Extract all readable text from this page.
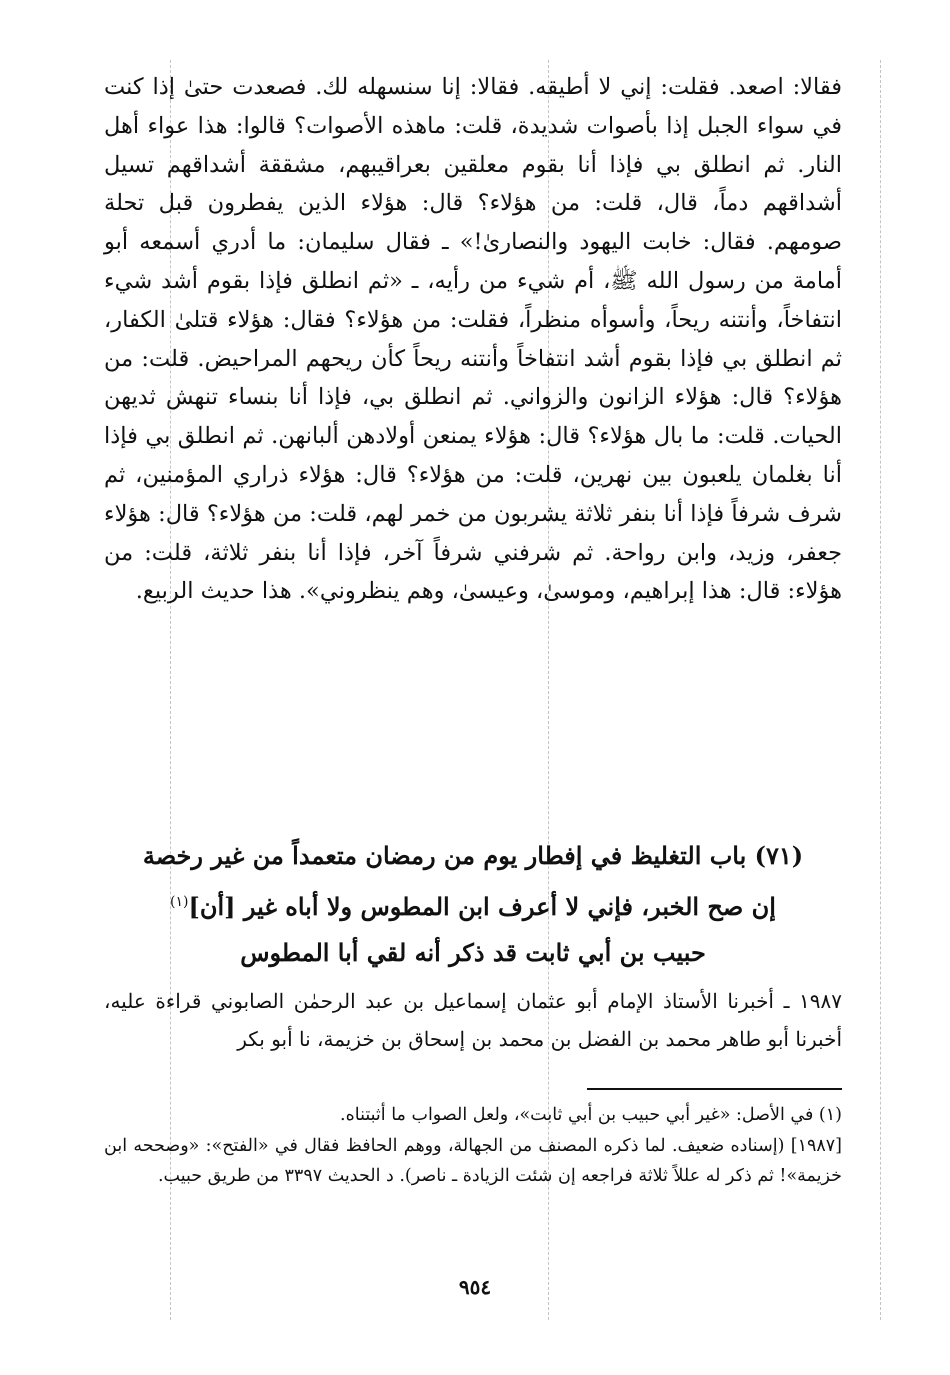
فقالا: اصعد. فقلت: إني لا أطيقه. فقالا: إنا سنسهله لك. فصعدت حتىٰ إذا كنت في سواء الجبل إذا بأصوات شديدة، قلت: ماهذه الأصوات؟ قالوا: هذا عواء أهل النار. ثم انطلق بي فإذا أنا بقوم معلقين بعراقيبهم، مشققة أشداقهم تسيل أشداقهم دماً، قال، قلت: من هؤلاء؟ قال: هؤلاء الذين يفطرون قبل تحلة صومهم. فقال: خابت اليهود والنصارىٰ!» ـ فقال سليمان: ما أدري أسمعه أبو أمامة من رسول الله ﷺ، أم شيء من رأيه، ـ «ثم انطلق فإذا بقوم أشد شيء انتفاخاً، وأنتنه ريحاً، وأسوأه منظراً، فقلت: من هؤلاء؟ فقال: هؤلاء قتلىٰ الكفار، ثم انطلق بي فإذا بقوم أشد انتفاخاً وأنتنه ريحاً كأن ريحهم المراحيض. قلت: من هؤلاء؟ قال: هؤلاء الزانون والزواني. ثم انطلق بي، فإذا أنا بنساء تنهش ثديهن الحيات. قلت: ما بال هؤلاء؟ قال: هؤلاء يمنعن أولادهن ألبانهن. ثم انطلق بي فإذا أنا بغلمان يلعبون بين نهرين، قلت: من هؤلاء؟ قال: هؤلاء ذراري المؤمنين، ثم شرف شرفاً فإذا أنا بنفر ثلاثة يشربون من خمر لهم، قلت: من هؤلاء؟ قال: هؤلاء جعفر، وزيد، وابن رواحة. ثم شرفني شرفاً آخر، فإذا أنا بنفر ثلاثة، قلت: من هؤلاء: قال: هذا إبراهيم، وموسىٰ، وعيسىٰ، وهم ينظروني». هذا حديث الربيع.

(٧١) باب التغليظ في إفطار يوم من رمضان متعمداً من غير رخصة
إن صح الخبر، فإني لا أعرف ابن المطوس ولا أباه غير [أن]$^{(١)}$
حبيب بن أبي ثابت قد ذكر أنه لقي أبا المطوس

١٩٨٧ ـ أخبرنا الأستاذ الإمام أبو عثمان إسماعيل بن عبد الرحمٰن الصابوني قراءة عليه، أخبرنا أبو طاهر محمد بن الفضل بن محمد بن إسحاق بن خزيمة، نا أبو بكر

(١) في الأصل: «غير أبي حبيب بن أبي ثابت»، ولعل الصواب ما أثبتناه.

[١٩٨٧] (إسناده ضعيف. لما ذكره المصنف من الجهالة، ووهم الحافظ فقال في «الفتح»: «وصححه ابن خزيمة»! ثم ذكر له عللاً ثلاثة فراجعه إن شئت الزيادة ـ ناصر). د الحديث ٣٣٩٧ من طريق حبيب.

٩٥٤
